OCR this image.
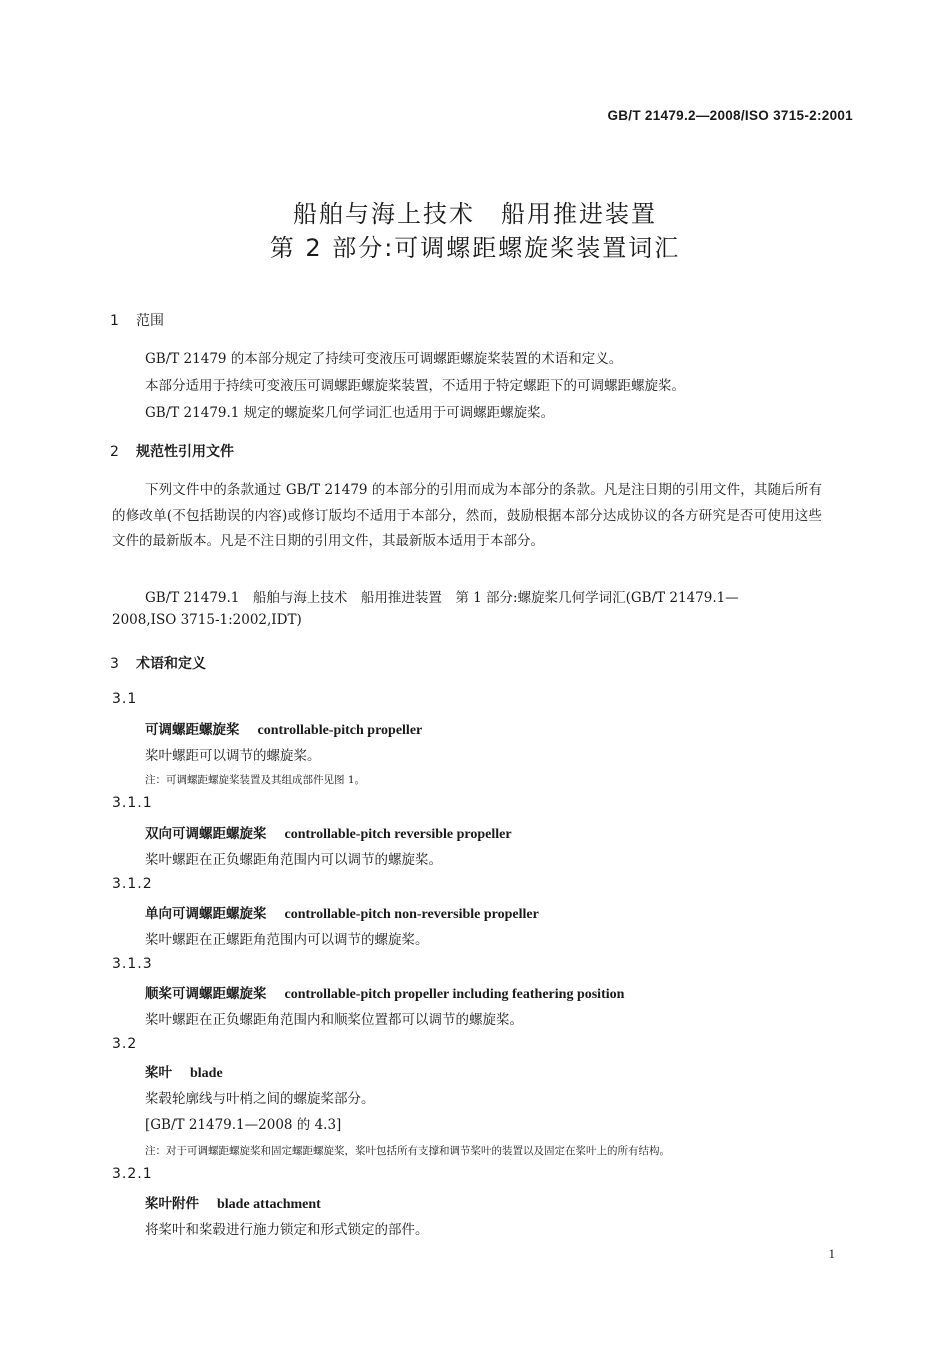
GB/T 21479.2—2008/ISO 3715-2:2001
船舶与海上技术　船用推进装置
第 2 部分:可调螺距螺旋桨装置词汇
1 范围
GB/T 21479 的本部分规定了持续可变液压可调螺距螺旋桨装置的术语和定义。
本部分适用于持续可变液压可调螺距螺旋桨装置，不适用于特定螺距下的可调螺距螺旋桨。
GB/T 21479.1 规定的螺旋桨几何学词汇也适用于可调螺距螺旋桨。
2 规范性引用文件
下列文件中的条款通过 GB/T 21479 的本部分的引用而成为本部分的条款。凡是注日期的引用文件，其随后所有的修改单(不包括勘误的内容)或修订版均不适用于本部分，然而，鼓励根据本部分达成协议的各方研究是否可使用这些文件的最新版本。凡是不注日期的引用文件，其最新版本适用于本部分。
GB/T 21479.1　船舶与海上技术　船用推进装置　第 1 部分:螺旋桨几何学词汇(GB/T 21479.1—
2008,ISO 3715-1:2002,IDT)
3 术语和定义
3.1
可调螺距螺旋桨 controllable-pitch propeller
桨叶螺距可以调节的螺旋桨。
注：可调螺距螺旋桨装置及其组成部件见图 1。
3.1.1
双向可调螺距螺旋桨 controllable-pitch reversible propeller
桨叶螺距在正负螺距角范围内可以调节的螺旋桨。
3.1.2
单向可调螺距螺旋桨 controllable-pitch non-reversible propeller
桨叶螺距在正螺距角范围内可以调节的螺旋桨。
3.1.3
顺桨可调螺距螺旋桨 controllable-pitch propeller including feathering position
桨叶螺距在正负螺距角范围内和顺桨位置都可以调节的螺旋桨。
3.2
桨叶 blade
桨毂轮廓线与叶梢之间的螺旋桨部分。
[GB/T 21479.1—2008 的 4.3]
注：对于可调螺距螺旋桨和固定螺距螺旋桨，桨叶包括所有支撑和调节桨叶的装置以及固定在桨叶上的所有结构。
3.2.1
桨叶附件 blade attachment
将桨叶和桨毂进行施力锁定和形式锁定的部件。
1
